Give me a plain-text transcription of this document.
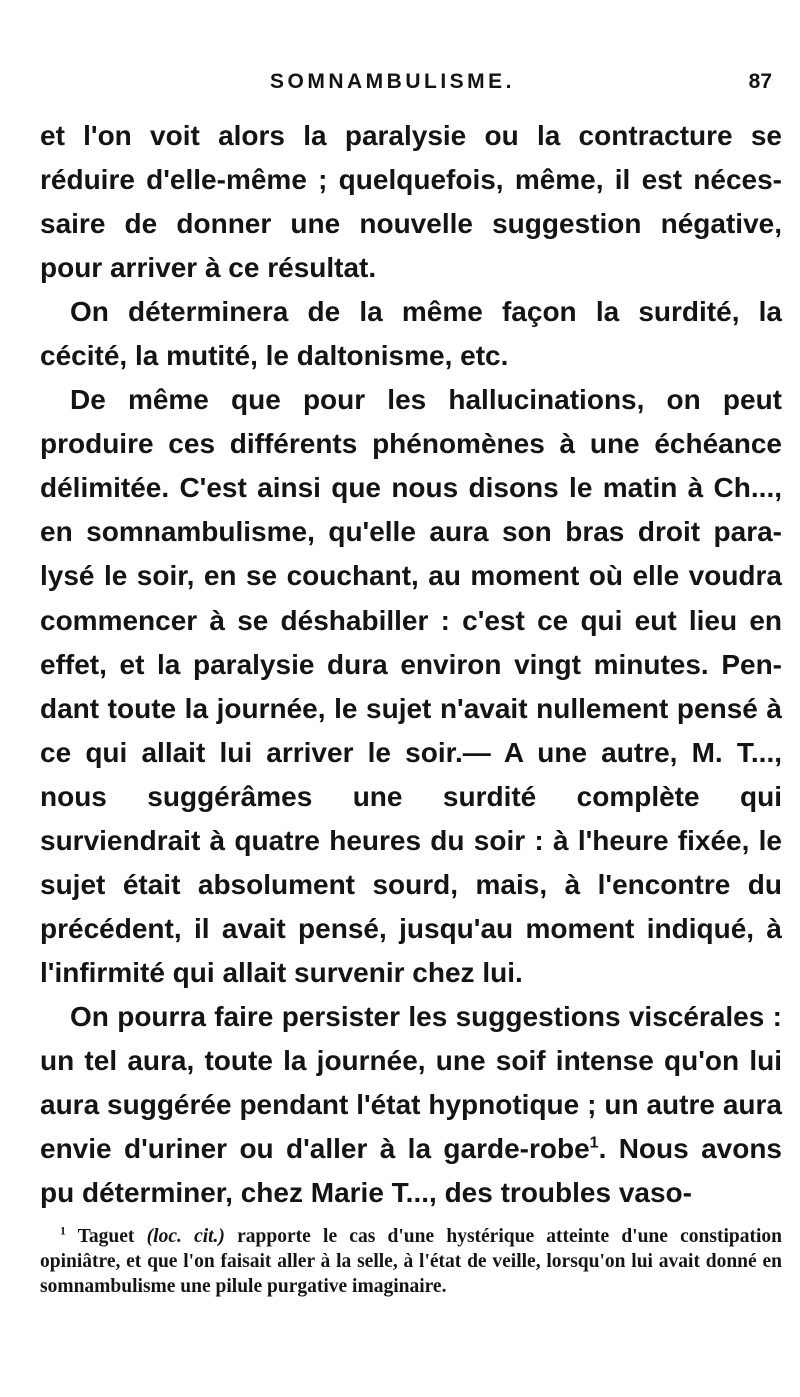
SOMNAMBULISME.	87

et l'on voit alors la paralysie ou la contracture se réduire d'elle-même ; quelquefois, même, il est néces-saire de donner une nouvelle suggestion négative, pour arriver à ce résultat.

On déterminera de la même façon la surdité, la cécité, la mutité, le daltonisme, etc.

De même que pour les hallucinations, on peut produire ces différents phénomènes à une échéance délimitée. C'est ainsi que nous disons le matin à Ch..., en somnambulisme, qu'elle aura son bras droit para-lysé le soir, en se couchant, au moment où elle voudra commencer à se déshabiller : c'est ce qui eut lieu en effet, et la paralysie dura environ vingt minutes. Pen-dant toute la journée, le sujet n'avait nullement pensé à ce qui allait lui arriver le soir.— A une autre, M. T..., nous suggérâmes une surdité complète qui surviendrait à quatre heures du soir : à l'heure fixée, le sujet était absolument sourd, mais, à l'encontre du précédent, il avait pensé, jusqu'au moment indiqué, à l'infirmité qui allait survenir chez lui.

On pourra faire persister les suggestions viscérales : un tel aura, toute la journée, une soif intense qu'on lui aura suggérée pendant l'état hypnotique ; un autre aura envie d'uriner ou d'aller à la garde-robe$^1$. Nous avons pu déterminer, chez Marie T..., des troubles vaso-

$^1$ Taguet (loc. cit.) rapporte le cas d'une hystérique atteinte d'une constipation opiniâtre, et que l'on faisait aller à la selle, à l'état de veille, lorsqu'on lui avait donné en somnambulisme une pilule purgative imaginaire.
